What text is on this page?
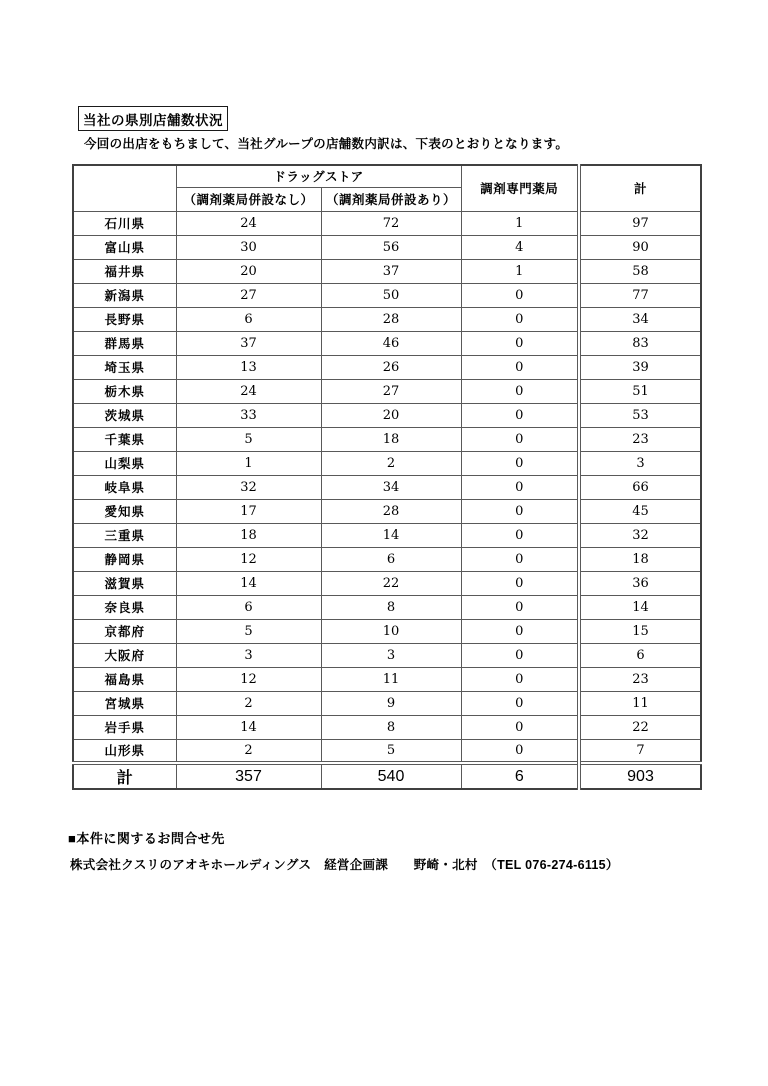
当社の県別店舗数状況
今回の出店をもちまして、当社グループの店舗数内訳は、下表のとおりとなります。
	ドラッグストア		調剤専門薬局	計
	（調剤薬局併設なし）	（調剤薬局併設あり）		
石川県	24	72	1	97
富山県	30	56	4	90
福井県	20	37	1	58
新潟県	27	50	0	77
長野県	6	28	0	34
群馬県	37	46	0	83
埼玉県	13	26	0	39
栃木県	24	27	0	51
茨城県	33	20	0	53
千葉県	5	18	0	23
山梨県	1	2	0	3
岐阜県	32	34	0	66
愛知県	17	28	0	45
三重県	18	14	0	32
静岡県	12	6	0	18
滋賀県	14	22	0	36
奈良県	6	8	0	14
京都府	5	10	0	15
大阪府	3	3	0	6
福島県	12	11	0	23
宮城県	2	9	0	11
岩手県	14	8	0	22
山形県	2	5	0	7
計	357	540	6	903
■本件に関するお問合せ先
株式会社クスリのアオキホールディングス　経営企画課　　野崎・北村　（TEL 076-274-6115）
